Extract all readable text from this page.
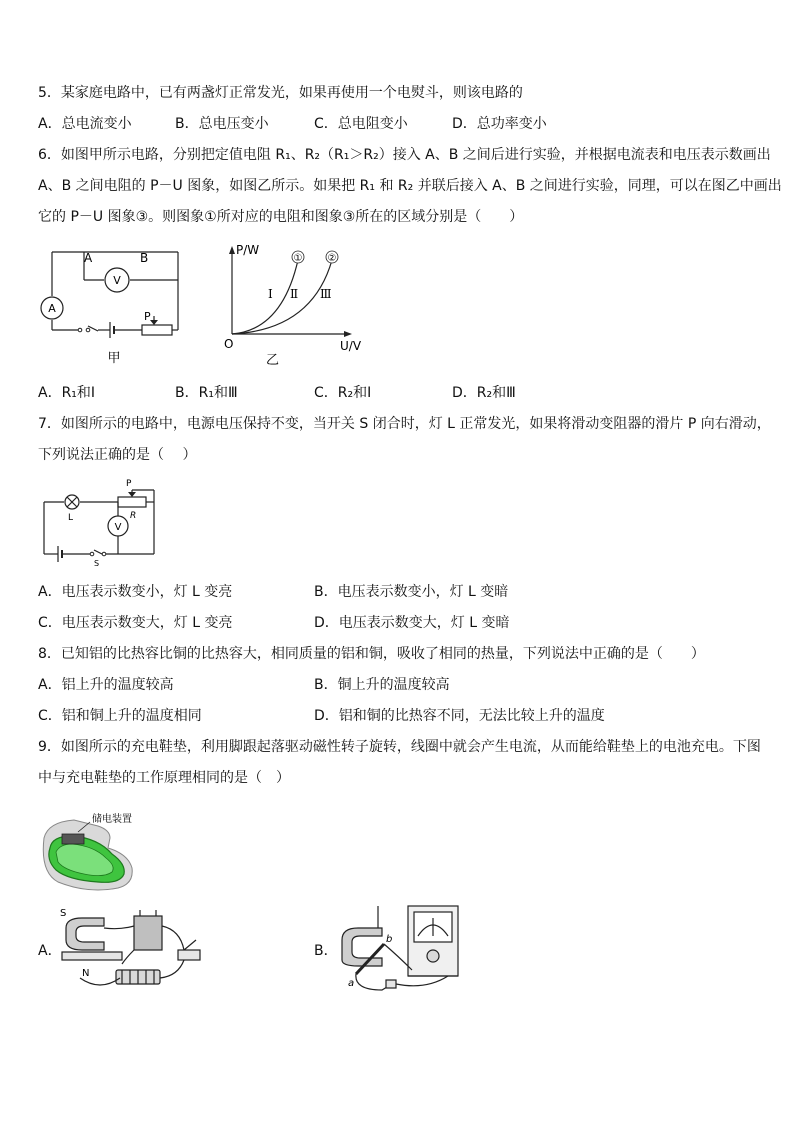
5．某家庭电路中，已有两盏灯正常发光，如果再使用一个电熨斗，则该电路的
A．总电流变小	B．总电压变小	C．总电阻变小	D．总功率变小
6．如图甲所示电路，分别把定值电阻 R₁、R₂（R₁＞R₂）接入 A、B 之间后进行实验，并根据电流表和电压表示数画出
A、B 之间电阻的 P－U 图象，如图乙所示。如果把 R₁ 和 R₂ 并联后接入 A、B 之间进行实验，同理，可以在图乙中画出
它的 P－U 图象③。则图象①所对应的电阻和图象③所在的区域分别是（　　）
A	B
V
A
P
甲
①	②
P/W
U/V
O
Ⅰ Ⅱ Ⅲ
乙
A．R₁和Ⅰ	B．R₁和Ⅲ	C．R₂和Ⅰ	D．R₂和Ⅲ
7．如图所示的电路中，电源电压保持不变，当开关 S 闭合时，灯 L 正常发光，如果将滑动变阻器的滑片 P 向右滑动，
下列说法正确的是（　 ）
V
P
R
L
S
A．电压表示数变小，灯 L 变亮	B．电压表示数变小，灯 L 变暗
C．电压表示数变大，灯 L 变亮	D．电压表示数变大，灯 L 变暗
8．已知铝的比热容比铜的比热容大，相同质量的铝和铜，吸收了相同的热量，下列说法中正确的是（　　）
A．铝上升的温度较高	B．铜上升的温度较高
C．铝和铜上升的温度相同	D．铝和铜的比热容不同，无法比较上升的温度
9．如图所示的充电鞋垫，利用脚跟起落驱动磁性转子旋转，线圈中就会产生电流，从而能给鞋垫上的电池充电。下图
中与充电鞋垫的工作原理相同的是（　）
储电装置
A．
S
N
B．
a
b
